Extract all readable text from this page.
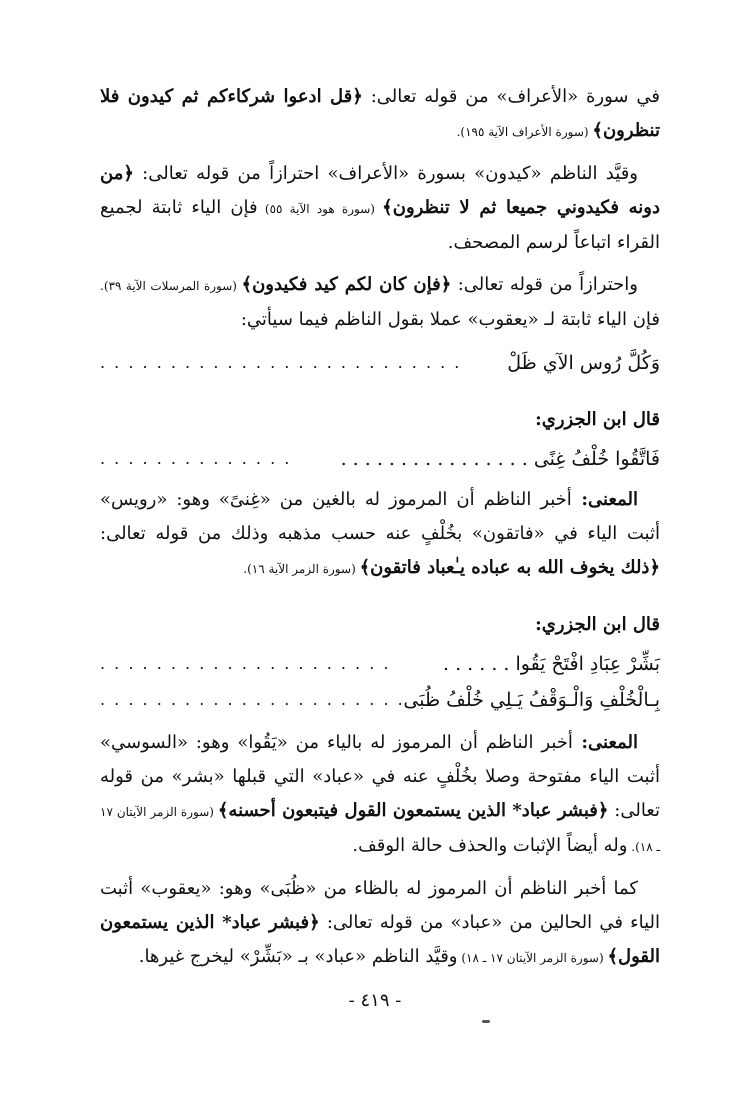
في سورة «الأعراف» من قوله تعالى: ﴿قل ادعوا شركاءكم ثم كيدون فلا تنظرون﴾ (سورة الأعراف الآية ١٩٥).

وقيَّد الناظم «كيدون» بسورة «الأعراف» احترازاً من قوله تعالى: ﴿من دونه فكيدوني جميعا ثم لا تنظرون﴾ (سورة هود الآية ٥٥) فإن الياء ثابتة لجميع القراء اتباعاً لرسم المصحف.

واحترازاً من قوله تعالى: ﴿فإن كان لكم كيد فكيدون﴾ (سورة المرسلات الآية ٣٩). فإن الياء ثابتة لـ «يعقوب» عملا بقول الناظم فيما سيأتي:

وَكُلَّ رُوس الآي ظَلْ
. . . . . . . . . . . . . . . . . . . . . . . . . .
قال ابن الجزري:
فَاتَّقُوا خُلْفُ غِنًى . . . . . . . . . . . . . . . .
. . . . . . . . . . . . . .

المعنى: أخبر الناظم أن المرموز له بالغين من «غِنىً» وهو: «رويس» أثبت الياء في «فاتقون» بخُلْفٍ عنه حسب مذهبه وذلك من قوله تعالى: ﴿ذلك يخوف الله به عباده يـٰعباد فاتقون﴾ (سورة الزمر الآية ١٦).

قال ابن الجزري:
بَشِّرْ عِبَادِ افْتَحْ يَقُوا . . . . . .
. . . . . . . . . . . . . . . . . . . . .
بِـالْخُلْفِ وَالْـوَقْفُ يَـلِي خُلْفُ ظُبَى
. . . . . . . . . . . . . . . . . . . . . . . .

المعنى: أخبر الناظم أن المرموز له بالياء من «يَقُوا» وهو: «السوسي» أثبت الياء مفتوحة وصلا بخُلْفٍ عنه في «عباد» التي قبلها «بشر» من قوله تعالى: ﴿فبشر عباد* الذين يستمعون القول فيتبعون أحسنه﴾ (سورة الزمر الآيتان ١٧ ـ ١٨). وله أيضاً الإثبات والحذف حالة الوقف.

كما أخبر الناظم أن المرموز له بالظاء من «ظُبَى» وهو: «يعقوب» أثبت الياء في الحالين من «عباد» من قوله تعالى: ﴿فبشر عباد* الذين يستمعون القول﴾ (سورة الزمر الآيتان ١٧ ـ ١٨) وقيَّد الناظم «عباد» بـ «بَشِّرْ» ليخرج غيرها.

- ٤١٩ -
